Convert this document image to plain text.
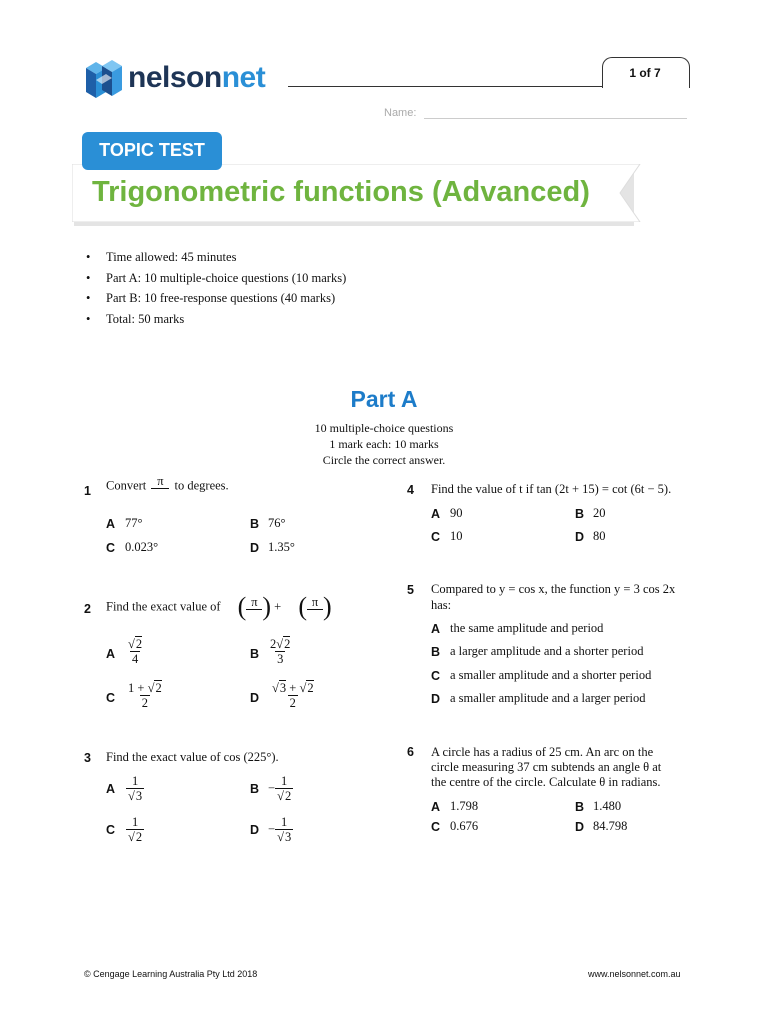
nelsonnet	1 of 7
Name:
TOPIC TEST
Trigonometric functions (Advanced)
• Time allowed: 45 minutes
• Part A: 10 multiple-choice questions (10 marks)
• Part B: 10 free-response questions (40 marks)
• Total: 50 marks
Part A
10 multiple-choice questions
1 mark each: 10 marks
Circle the correct answer.
1 Convert π to degrees.
A 77°	B 76°
C 0.023°	D 1.35°
2 Find the exact value of ( π ) + ( π )
A $\frac{√2}{4}$	B $\frac{2√2}{3}$
C $\frac{1 + √2}{2}$	D $\frac{√3 + √2}{2}$
3 Find the exact value of cos (225°).
A $\frac{1}{√3}$	$B - \frac{1}{√2}$
C $\frac{1}{√2}$	$D - \frac{1}{√3}$
4 Find the value of t if tan (2t + 15) = cot (6t − 5).
A 90	B 20
C 10	D 80
5 Compared to y = cos x, the function y = 3 cos 2x
has:
A the same amplitude and period
B a larger amplitude and a shorter period
C a smaller amplitude and a shorter period
D a smaller amplitude and a larger period
6 A circle has a radius of 25 cm. An arc on the
circle measuring 37 cm subtends an angle θ at
the centre of the circle. Calculate θ in radians.
A 1.798	B 1.480
C 0.676	D 84.798
© Cengage Learning Australia Pty Ltd 2018	www.nelsonnet.com.au
